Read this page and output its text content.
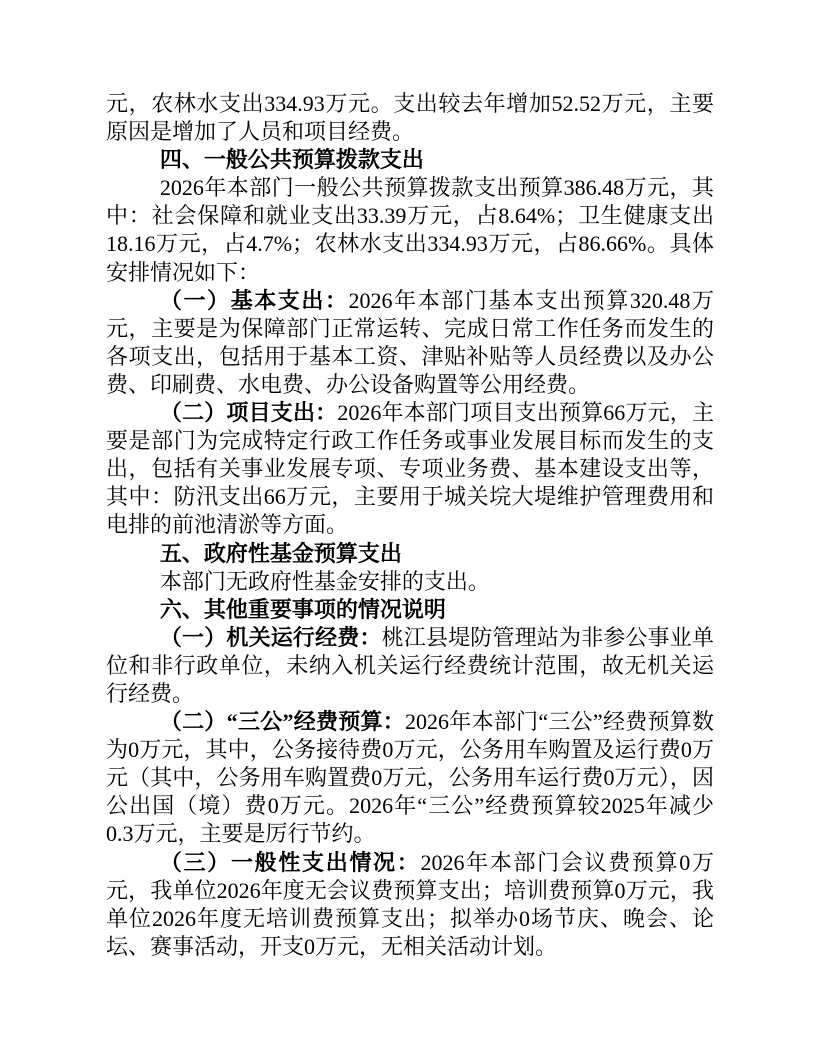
元，农林水支出334.93万元。支出较去年增加52.52万元，主要原因是增加了人员和项目经费。

四、一般公共预算拨款支出

2026年本部门一般公共预算拨款支出预算386.48万元，其中：社会保障和就业支出33.39万元，占8.64%；卫生健康支出18.16万元，占4.7%；农林水支出334.93万元，占86.66%。具体安排情况如下：

（一）基本支出：2026年本部门基本支出预算320.48万元，主要是为保障部门正常运转、完成日常工作任务而发生的各项支出，包括用于基本工资、津贴补贴等人员经费以及办公费、印刷费、水电费、办公设备购置等公用经费。

（二）项目支出：2026年本部门项目支出预算66万元，主要是部门为完成特定行政工作任务或事业发展目标而发生的支出，包括有关事业发展专项、专项业务费、基本建设支出等，其中：防汛支出66万元，主要用于城关垸大堤维护管理费用和电排的前池清淤等方面。

五、政府性基金预算支出

本部门无政府性基金安排的支出。

六、其他重要事项的情况说明

（一）机关运行经费：桃江县堤防管理站为非参公事业单位和非行政单位，未纳入机关运行经费统计范围，故无机关运行经费。

（二）“三公”经费预算：2026年本部门“三公”经费预算数为0万元，其中，公务接待费0万元，公务用车购置及运行费0万元（其中，公务用车购置费0万元，公务用车运行费0万元），因公出国（境）费0万元。2026年“三公”经费预算较2025年减少0.3万元，主要是厉行节约。

（三）一般性支出情况：2026年本部门会议费预算0万元，我单位2026年度无会议费预算支出；培训费预算0万元，我单位2026年度无培训费预算支出；拟举办0场节庆、晚会、论坛、赛事活动，开支0万元，无相关活动计划。
